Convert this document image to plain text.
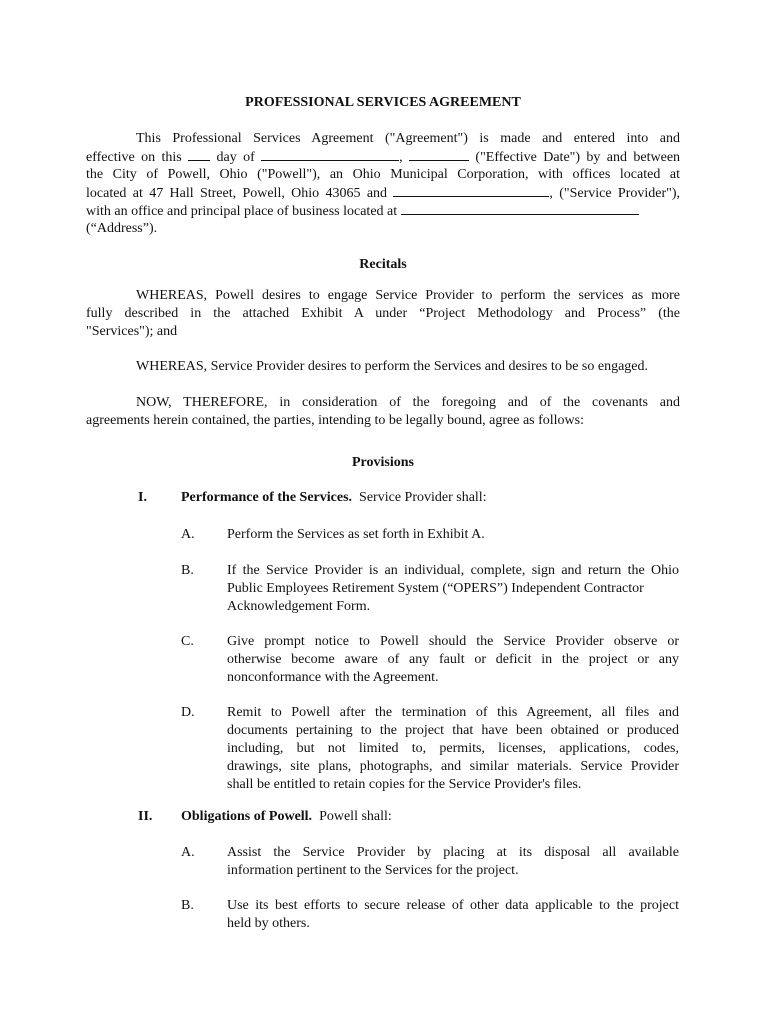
PROFESSIONAL SERVICES AGREEMENT

This Professional Services Agreement ("Agreement") is made and entered into and

effective on this day of	,	("Effective Date") by and between

the City of Powell, Ohio ("Powell"), an Ohio Municipal Corporation, with offices located at

located at 47 Hall Street, Powell, Ohio 43065 and	, ("Service Provider"),

with an office and principal place of business located at

(“Address”).

Recitals

WHEREAS, Powell desires to engage Service Provider to perform the services as more

fully described in the attached Exhibit A under “Project Methodology and Process” (the

"Services"); and

WHEREAS, Service Provider desires to perform the Services and desires to be so engaged.

NOW, THEREFORE, in consideration of the foregoing and of the covenants and

agreements herein contained, the parties, intending to be legally bound, agree as follows:

Provisions

I. Performance of the Services. Service Provider shall:
A. Perform the Services as set forth in Exhibit A.
B. If the Service Provider is an individual, complete, sign and return the Ohio
Public Employees Retirement System (“OPERS”) Independent Contractor
Acknowledgement Form.
C. Give prompt notice to Powell should the Service Provider observe or
otherwise become aware of any fault or deficit in the project or any
nonconformance with the Agreement.
D. Remit to Powell after the termination of this Agreement, all files and
documents pertaining to the project that have been obtained or produced
including, but not limited to, permits, licenses, applications, codes,
drawings, site plans, photographs, and similar materials. Service Provider
shall be entitled to retain copies for the Service Provider's files.
II. Obligations of Powell. Powell shall:
A. Assist the Service Provider by placing at its disposal all available
information pertinent to the Services for the project.
B. Use its best efforts to secure release of other data applicable to the project
held by others.
